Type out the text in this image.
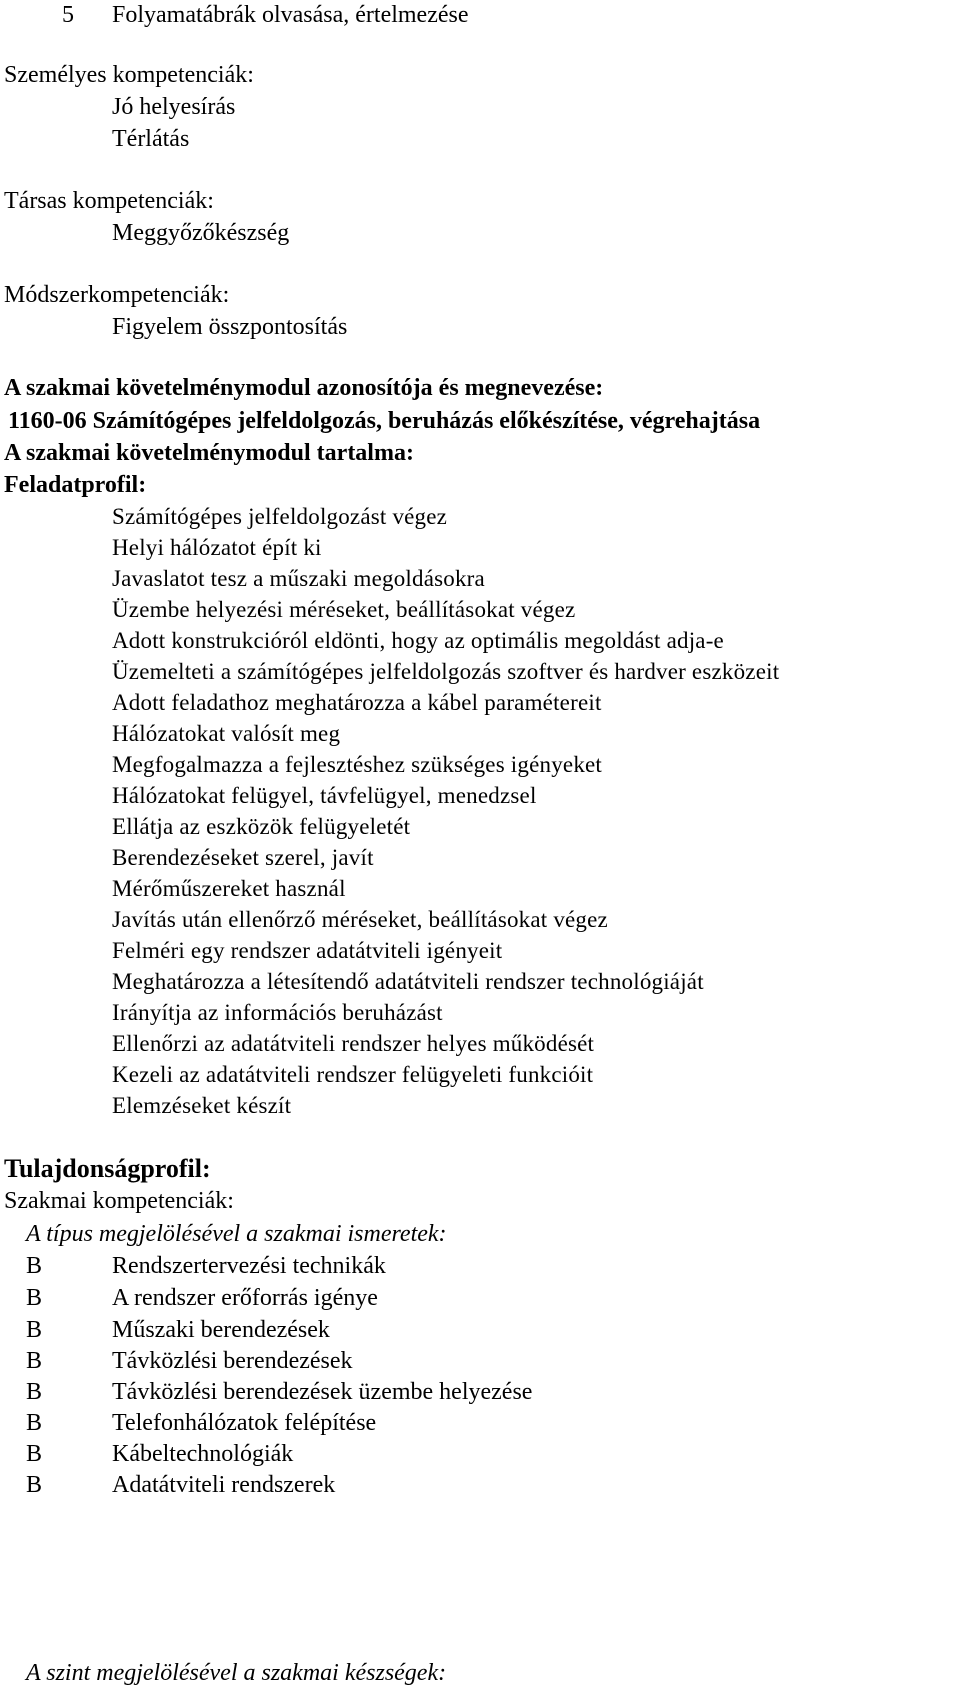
5 Folyamatábrák olvasása, értelmezése
Személyes kompetenciák:
Jó helyesírás
Térlátás
Társas kompetenciák:
Meggyőzőkészség
Módszerkompetenciák:
Figyelem összpontosítás
A szakmai követelménymodul azonosítója és megnevezése:
1160-06 Számítógépes jelfeldolgozás, beruházás előkészítése, végrehajtása
A szakmai követelménymodul tartalma:
Feladatprofil:
Számítógépes jelfeldolgozást végez
Helyi hálózatot épít ki
Javaslatot tesz a műszaki megoldásokra
Üzembe helyezési méréseket, beállításokat végez
Adott konstrukcióról eldönti, hogy az optimális megoldást adja-e
Üzemelteti a számítógépes jelfeldolgozás szoftver és hardver eszközeit
Adott feladathoz meghatározza a kábel paramétereit
Hálózatokat valósít meg
Megfogalmazza a fejlesztéshez szükséges igényeket
Hálózatokat felügyel, távfelügyel, menedzsel
Ellátja az eszközök felügyeletét
Berendezéseket szerel, javít
Mérőműszereket használ
Javítás után ellenőrző méréseket, beállításokat végez
Felméri egy rendszer adatátviteli igényeit
Meghatározza a létesítendő adatátviteli rendszer technológiáját
Irányítja az információs beruházást
Ellenőrzi az adatátviteli rendszer helyes működését
Kezeli az adatátviteli rendszer felügyeleti funkcióit
Elemzéseket készít
Tulajdonságprofil:
Szakmai kompetenciák:
A típus megjelölésével a szakmai ismeretek:
B	Rendszertervezési technikák
B	A rendszer erőforrás igénye
B	Műszaki berendezések
B	Távközlési berendezések
B	Távközlési berendezések üzembe helyezése
B	Telefonhálózatok felépítése
B	Kábeltechnológiák
B	Adatátviteli rendszerek
A szint megjelölésével a szakmai készségek:
